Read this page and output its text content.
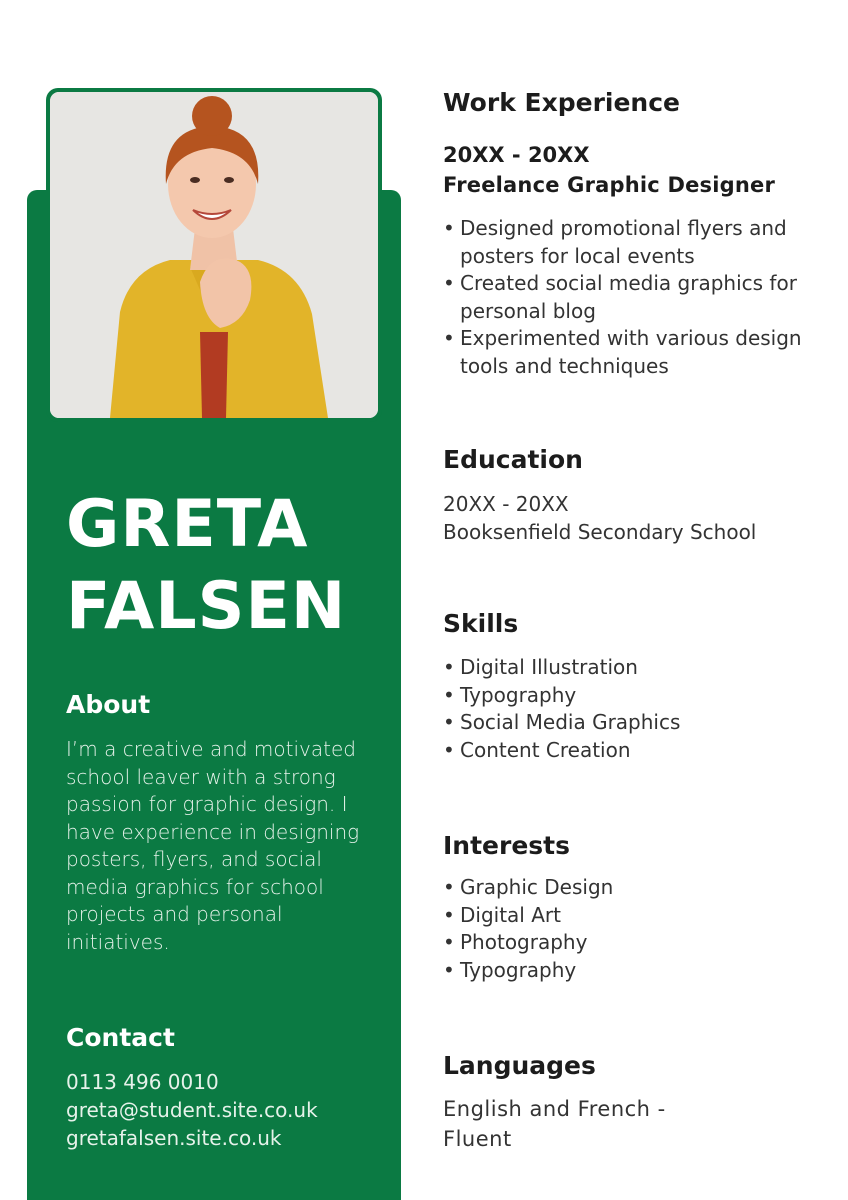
GRETA
FALSEN
About

I’m a creative and motivated school leaver with a strong passion for graphic design. I have experience in designing posters, flyers, and social media graphics for school projects and personal initiatives.

Contact
0113 496 0010
greta@student.site.co.uk
gretafalsen.site.co.uk
Work Experience

20XX - 20XX

Freelance Graphic Designer

• Designed promotional flyers and posters for local events
• Created social media graphics for personal blog
• Experimented with various design tools and techniques
Education

20XX - 20XX

Booksenfield Secondary School

Skills
• Digital Illustration
• Typography
• Social Media Graphics
• Content Creation
Interests
• Graphic Design
• Digital Art
• Photography
• Typography
Languages

English and French - Fluent
